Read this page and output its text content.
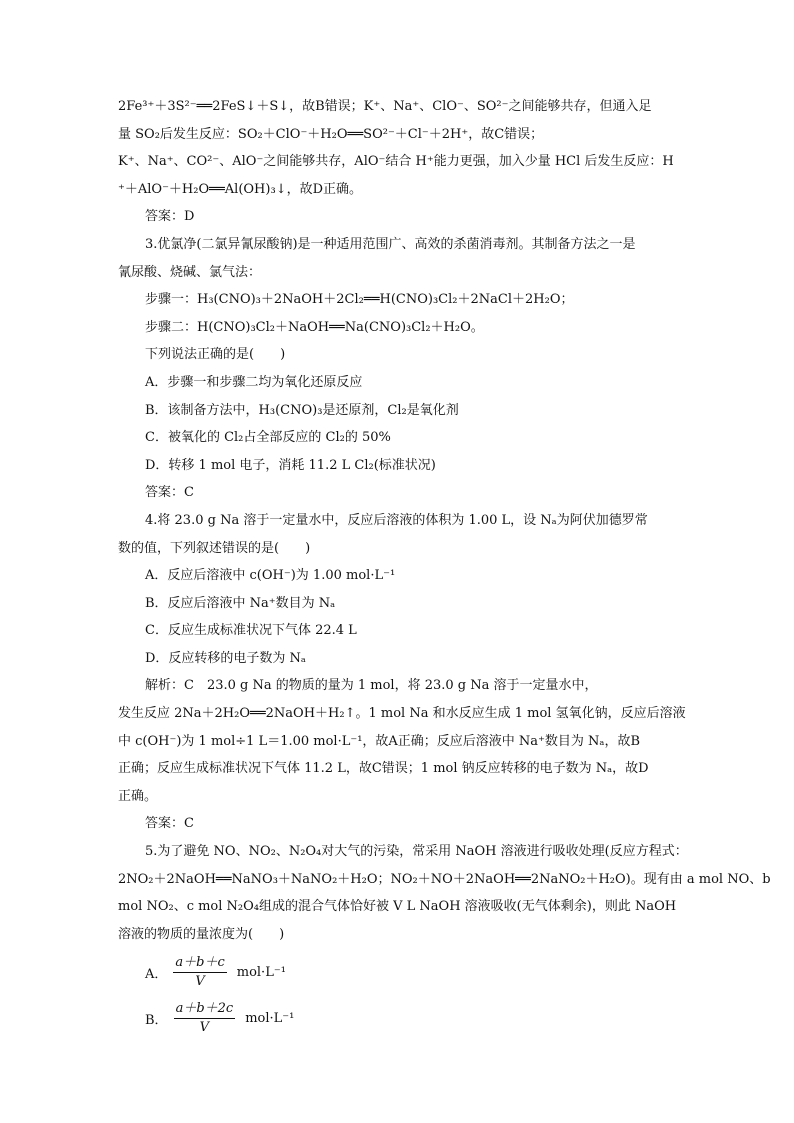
2Fe³⁺＋3S²⁻══2FeS↓＋S↓，故B错误；K⁺、Na⁺、ClO⁻、SO²⁻之间能够共存，但通入足
量 SO₂后发生反应：SO₂＋ClO⁻＋H₂O══SO²⁻＋Cl⁻＋2H⁺，故C错误；
K⁺、Na⁺、CO²⁻、AlO⁻之间能够共存，AlO⁻结合 H⁺能力更强，加入少量 HCl 后发生反应：H
⁺＋AlO⁻＋H₂O══Al(OH)₃↓，故D正确。
答案：D
3.优氯净(二氯异氰尿酸钠)是一种适用范围广、高效的杀菌消毒剂。其制备方法之一是
氰尿酸、烧碱、氯气法：
步骤一：H₃(CNO)₃＋2NaOH＋2Cl₂══H(CNO)₃Cl₂＋2NaCl＋2H₂O；
步骤二：H(CNO)₃Cl₂＋NaOH══Na(CNO)₃Cl₂＋H₂O。
下列说法正确的是(　　)
A．步骤一和步骤二均为氧化还原反应
B．该制备方法中，H₃(CNO)₃是还原剂，Cl₂是氧化剂
C．被氧化的 Cl₂占全部反应的 Cl₂的 50%
D．转移 1 mol 电子，消耗 11.2 L Cl₂(标准状况)
答案：C
4.将 23.0 g Na 溶于一定量水中，反应后溶液的体积为 1.00 L，设 Nₐ为阿伏加德罗常
数的值，下列叙述错误的是(　　)
A．反应后溶液中 c(OH⁻)为 1.00 mol·L⁻¹
B．反应后溶液中 Na⁺数目为 Nₐ
C．反应生成标准状况下气体 22.4 L
D．反应转移的电子数为 Nₐ
解析：C　23.0 g Na 的物质的量为 1 mol，将 23.0 g Na 溶于一定量水中，
发生反应 2Na＋2H₂O══2NaOH＋H₂↑。1 mol Na 和水反应生成 1 mol 氢氧化钠，反应后溶液
中 c(OH⁻)为 1 mol÷1 L＝1.00 mol·L⁻¹，故A正确；反应后溶液中 Na⁺数目为 Nₐ，故B
正确；反应生成标准状况下气体 11.2 L，故C错误；1 mol 钠反应转移的电子数为 Nₐ，故D
正确。
答案：C
5.为了避免 NO、NO₂、N₂O₄对大气的污染，常采用 NaOH 溶液进行吸收处理(反应方程式：
2NO₂＋2NaOH══NaNO₃＋NaNO₂＋H₂O；NO₂＋NO＋2NaOH══2NaNO₂＋H₂O)。现有由 a mol NO、b
mol NO₂、c mol N₂O₄组成的混合气体恰好被 V L NaOH 溶液吸收(无气体剩余)，则此 NaOH
溶液的物质的量浓度为(　　)
A． $\frac{a+b+c}{V} mol\cdot L^{-1}$
B． $\frac{a+b+2c}{V} mol\cdot L^{-1}$
